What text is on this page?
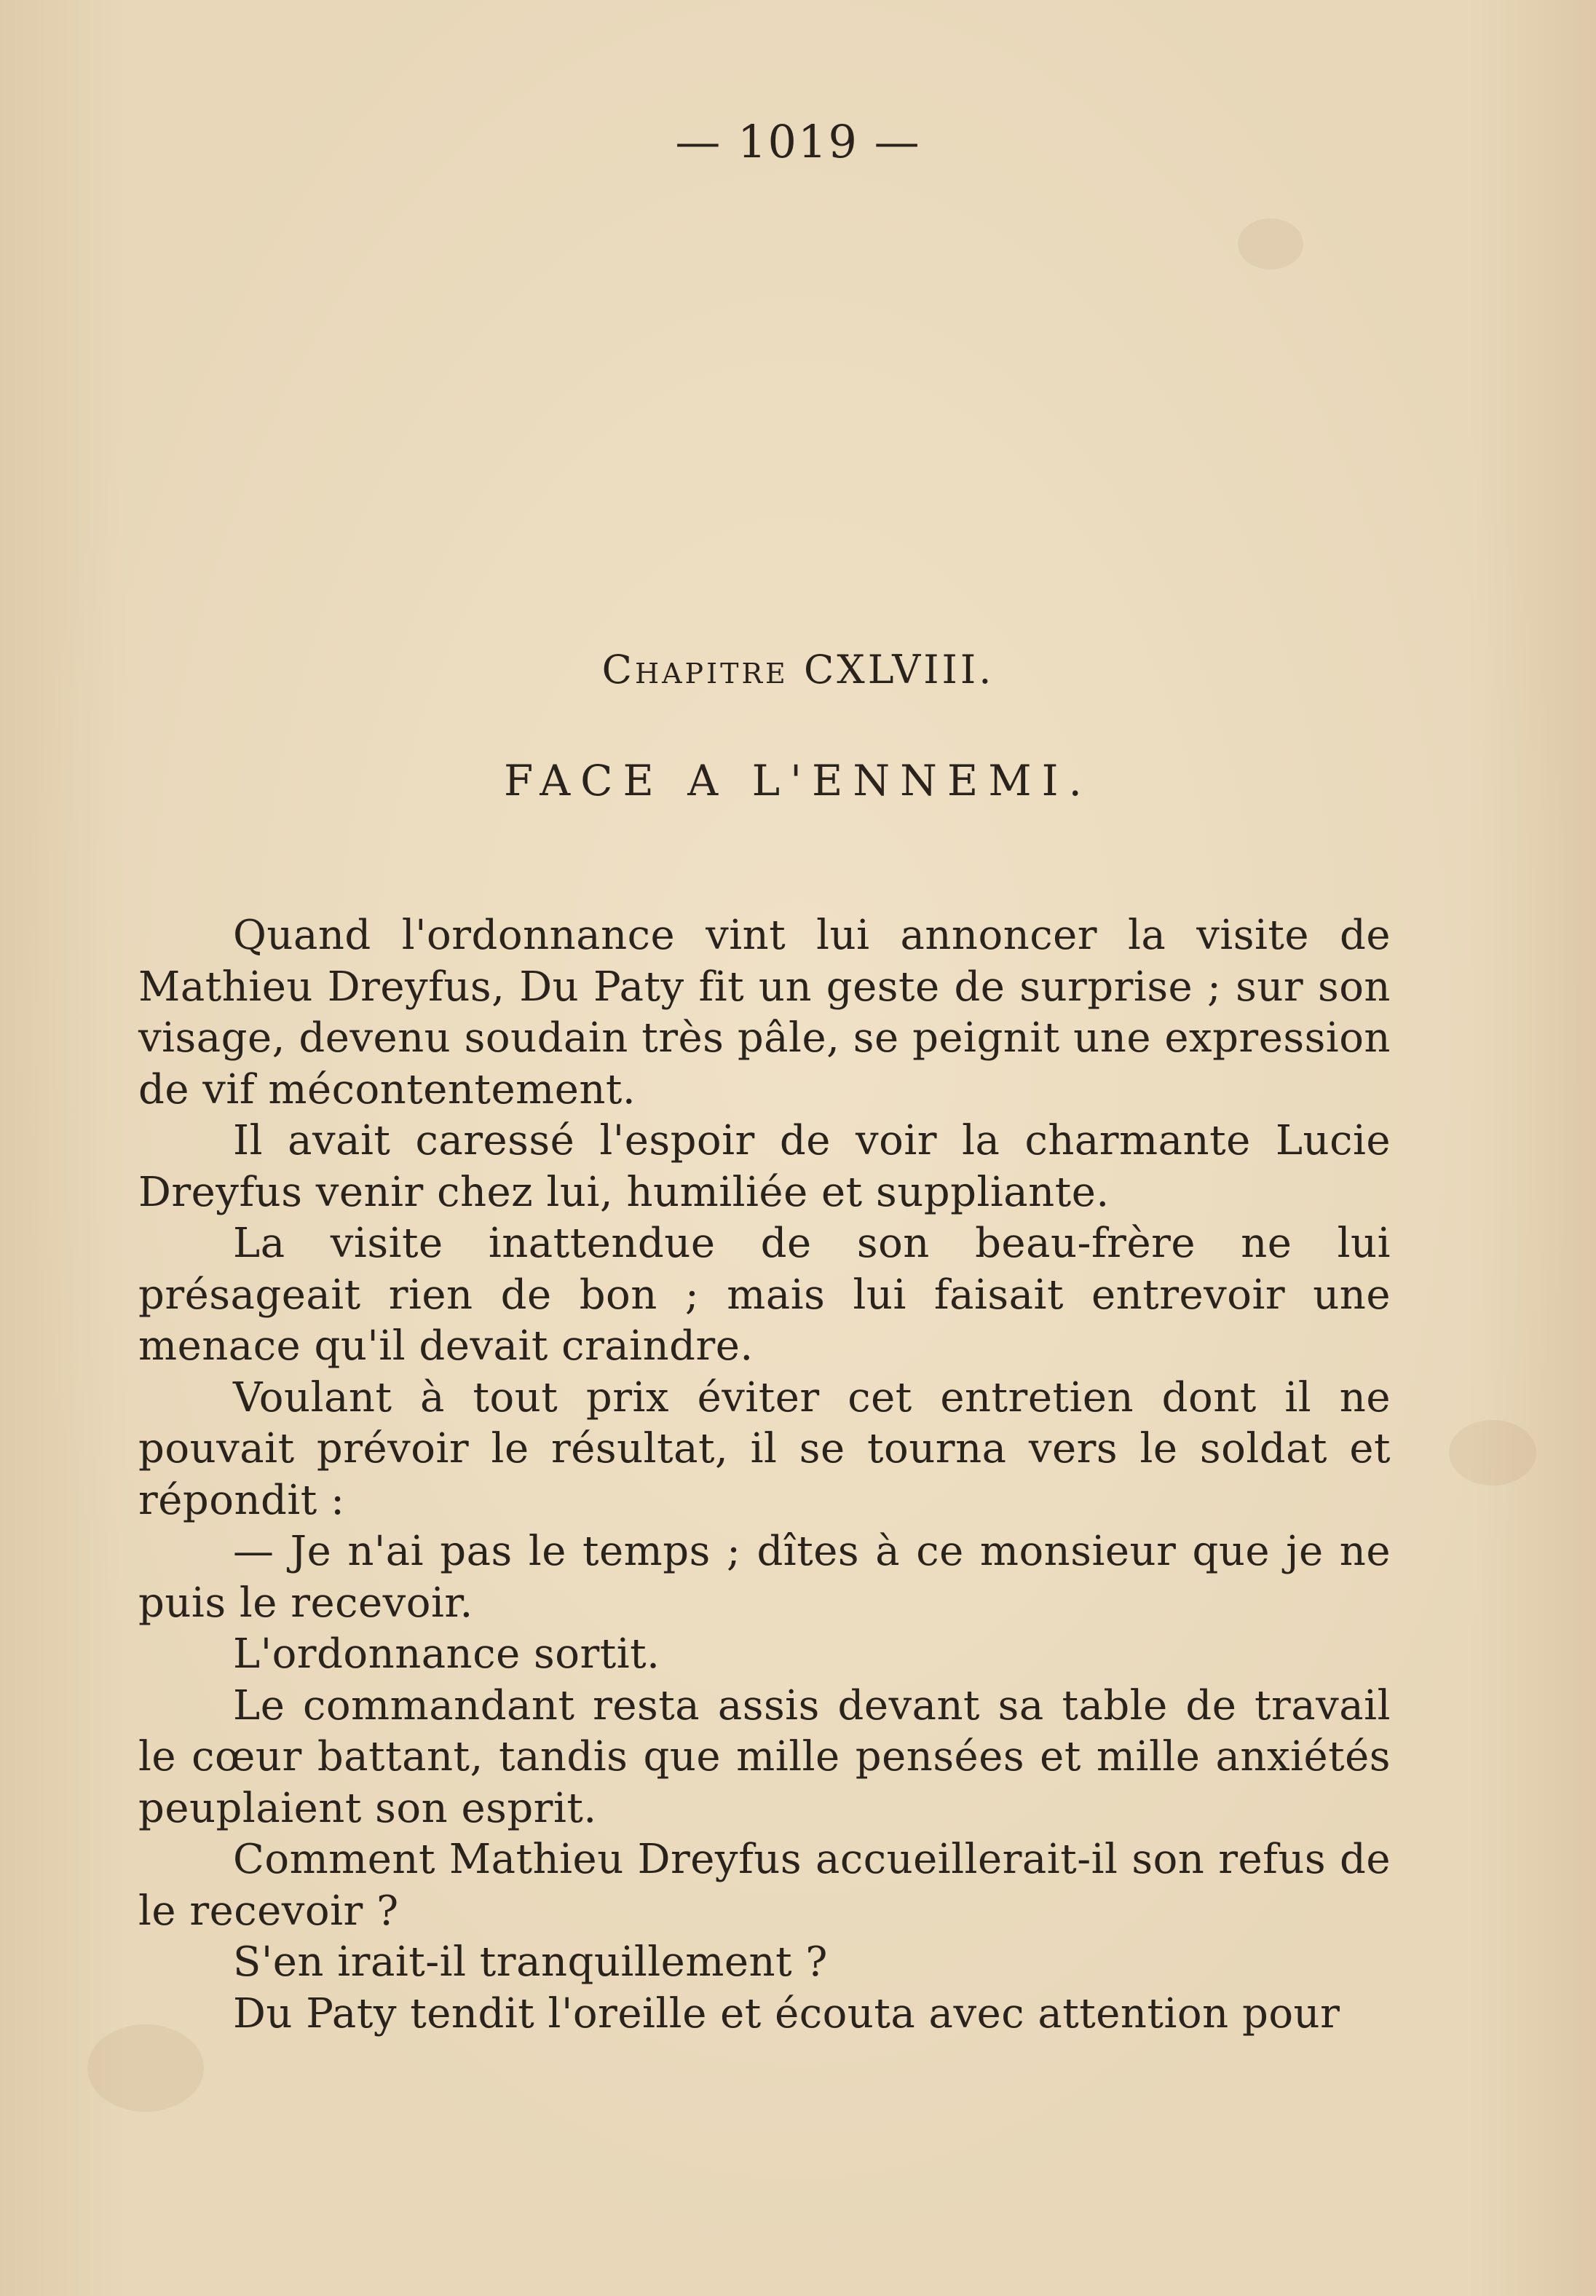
— 1019 —
Chapitre CXLVIII.
FACE A L'ENNEMI.

Quand l'ordonnance vint lui annoncer la visite de Mathieu Dreyfus, Du Paty fit un geste de surprise ; sur son visage, devenu soudain très pâle, se peignit une expression de vif mécontentement.

Il avait caressé l'espoir de voir la charmante Lucie Dreyfus venir chez lui, humiliée et suppliante.

La visite inattendue de son beau-frère ne lui présageait rien de bon ; mais lui faisait entrevoir une menace qu'il devait craindre.

Voulant à tout prix éviter cet entretien dont il ne pouvait prévoir le résultat, il se tourna vers le soldat et répondit :

— Je n'ai pas le temps ; dîtes à ce monsieur que je ne puis le recevoir.

L'ordonnance sortit.

Le commandant resta assis devant sa table de travail le cœur battant, tandis que mille pensées et mille anxiétés peuplaient son esprit.

Comment Mathieu Dreyfus accueillerait-il son refus de le recevoir ?

S'en irait-il tranquillement ?

Du Paty tendit l'oreille et écouta avec attention pour
